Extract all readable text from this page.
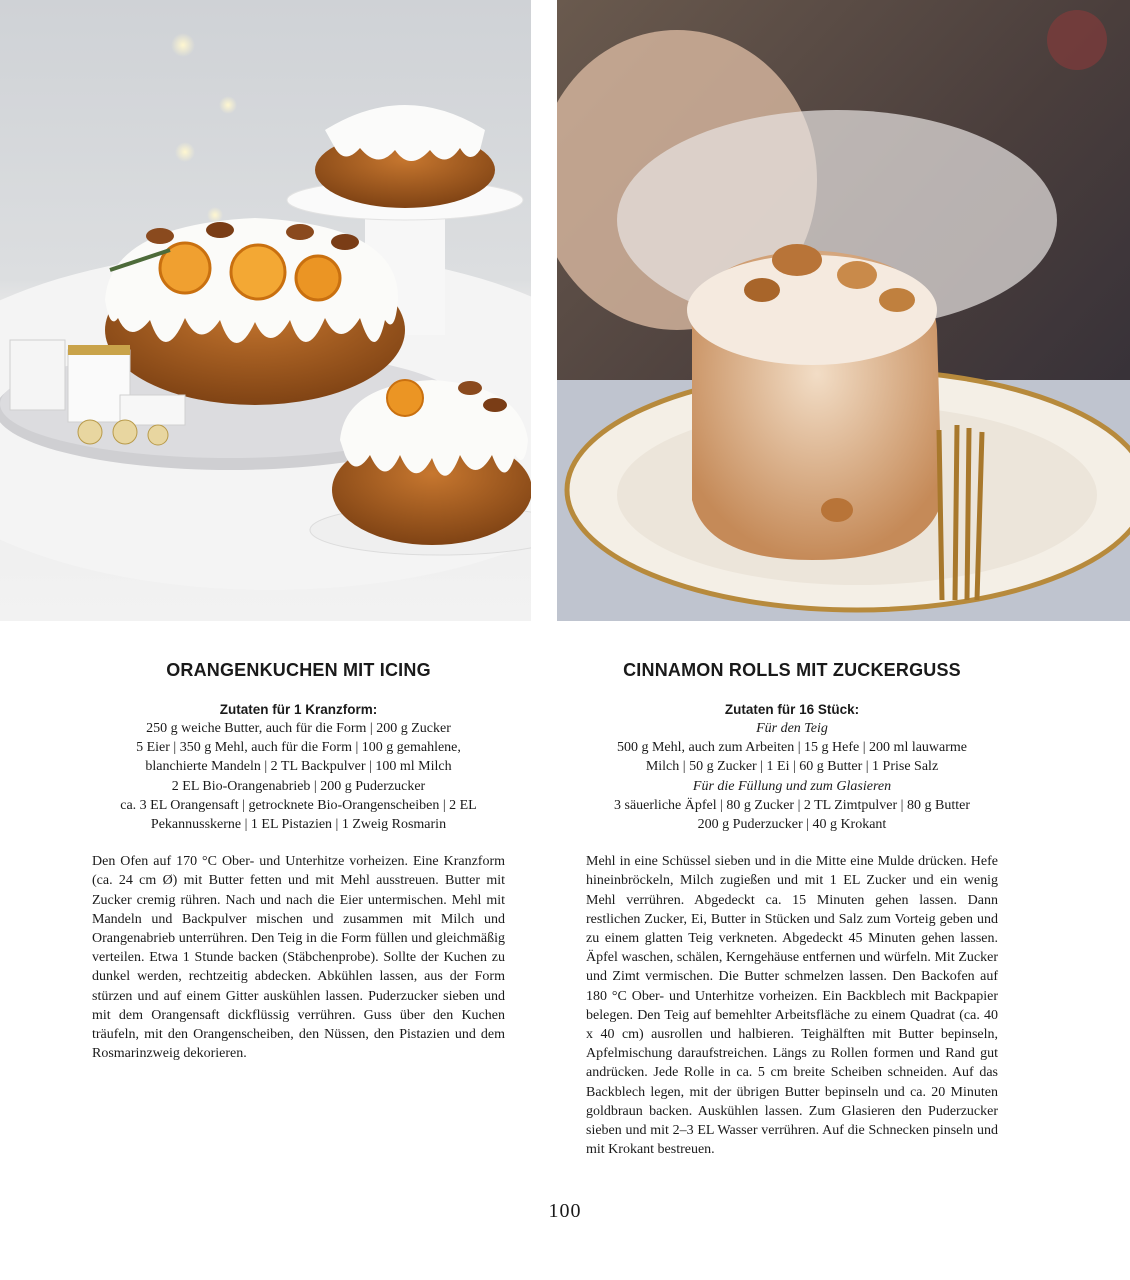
ORANGENKUCHEN MIT ICING

Zutaten für 1 Kranzform:

250 g weiche Butter, auch für die Form | 200 g Zucker

5 Eier | 350 g Mehl, auch für die Form | 100 g gemahlene,

blanchierte Mandeln | 2 TL Backpulver | 100 ml Milch

2 EL Bio-Orangenabrieb | 200 g Puderzucker

ca. 3 EL Orangensaft | getrocknete Bio-Orangenscheiben | 2 EL

Pekannusskerne | 1 EL Pistazien | 1 Zweig Rosmarin

Den Ofen auf 170 °C Ober- und Unterhitze vorheizen. Eine Kranzform (ca. 24 cm Ø) mit Butter fetten und mit Mehl ausstreuen. Butter mit Zucker cremig rühren. Nach und nach die Eier untermischen. Mehl mit Mandeln und Backpulver mischen und zusammen mit Milch und Orangenabrieb unterrühren. Den Teig in die Form füllen und gleichmäßig verteilen. Etwa 1 Stunde backen (Stäbchenprobe). Sollte der Kuchen zu dunkel werden, rechtzeitig abdecken. Abkühlen lassen, aus der Form stürzen und auf einem Gitter auskühlen lassen. Puderzucker sieben und mit dem Orangensaft dickflüssig verrühren. Guss über den Kuchen träufeln, mit den Orangenscheiben, den Nüssen, den Pistazien und dem Rosmarinzweig dekorieren.

CINNAMON ROLLS MIT ZUCKERGUSS

Zutaten für 16 Stück:

Für den Teig

500 g Mehl, auch zum Arbeiten | 15 g Hefe | 200 ml lauwarme

Milch | 50 g Zucker | 1 Ei | 60 g Butter | 1 Prise Salz

Für die Füllung und zum Glasieren

3 säuerliche Äpfel | 80 g Zucker | 2 TL Zimtpulver | 80 g Butter

200 g Puderzucker | 40 g Krokant

Mehl in eine Schüssel sieben und in die Mitte eine Mulde drücken. Hefe hineinbröckeln, Milch zugießen und mit 1 EL Zucker und ein wenig Mehl verrühren. Abgedeckt ca. 15 Minuten gehen lassen. Dann restlichen Zucker, Ei, Butter in Stücken und Salz zum Vorteig geben und zu einem glatten Teig verkneten. Abgedeckt 45 Minuten gehen lassen. Äpfel waschen, schälen, Kerngehäuse entfernen und würfeln. Mit Zucker und Zimt vermischen. Die Butter schmelzen lassen. Den Backofen auf 180 °C Ober- und Unterhitze vorheizen. Ein Backblech mit Backpapier belegen. Den Teig auf bemehlter Arbeitsfläche zu einem Quadrat (ca. 40 x 40 cm) ausrollen und halbieren. Teighälften mit Butter bepinseln, Apfelmischung daraufstreichen. Längs zu Rollen formen und Rand gut andrücken. Jede Rolle in ca. 5 cm breite Scheiben schneiden. Auf das Backblech legen, mit der übrigen Butter bepinseln und ca. 20 Minuten goldbraun backen. Auskühlen lassen. Zum Glasieren den Puderzucker sieben und mit 2–3 EL Wasser verrühren. Auf die Schnecken pinseln und mit Krokant bestreuen.

100
